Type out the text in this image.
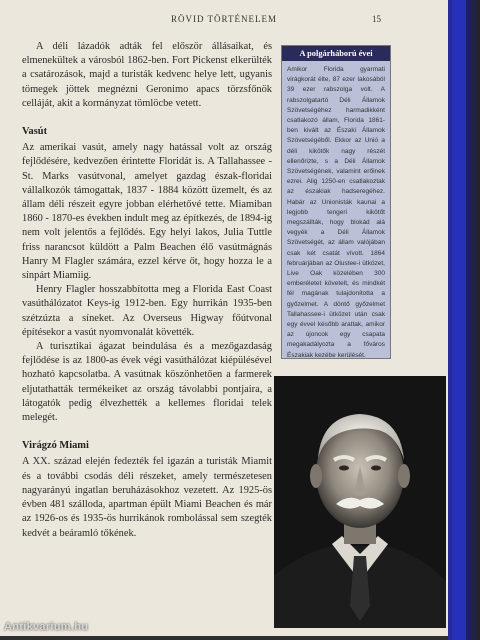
RÖVID TÖRTÉNELEM	15

A déli lázadók adták fel először állásaikat, és elmenekültek a városból 1862-ben. Fort Pickenst elkerülték a csatározások, majd a turisták kedvenc helye lett, ugyanis tömegek jöttek megnézni Geronimo apacs törzsfőnök celláját, akit a kormányzat tömlöcbe vetett.

Vasút

Az amerikai vasút, amely nagy hatással volt az ország fejlődésére, kedvezően érintette Floridát is. A Tallahassee - St. Marks vasútvonal, amelyet gazdag észak-floridai vállalkozók támogattak, 1837 - 1884 között üzemelt, és az állam déli részeit egyre jobban elérhetővé tette. Miamiban 1860 - 1870-es években indult meg az építkezés, de 1894-ig nem volt jelentős a fejlődés. Egy helyi lakos, Julia Tuttle friss narancsot küldött a Palm Beachen élő vasútmágnás Hanry M Flagler számára, ezzel kérve őt, hogy hozza le a sínpárt Miamiig.

Henry Flagler hosszabbította meg a Florida East Coast vasúthálózatot Keys-ig 1912-ben. Egy hurrikán 1935-ben szétzúzta a síneket. Az Overseus Higway főútvonal építésekor a vasút nyomvonalát követték.

A turisztikai ágazat beindulása és a mezőgazdaság fejlődése is az 1800-as évek végi vasúthálózat kiépülésével hozható kapcsolatba. A vasútnak köszönhetően a farmerek eljutathatták termékeiket az ország távolabbi pontjaira, a látogatók pedig élvezhették a kellemes floridai telek melegét.

Virágzó Miami

A XX. század elején fedezték fel igazán a turisták Miamit és a további csodás déli részeket, amely természetesen nagyarányú ingatlan beruházásokhoz vezetett. Az 1925-ös évben 481 szálloda, apartman épült Miami Beachen és már az 1926-os és 1935-ös hurrikánok rombolással sem szegték kedvét a beáramló tőkének.

A polgárháború évei
Amikor Florida gyarmati virágkorát élte, 87 ezer lakosából 39 ezer rabszolga volt. A rabszolgatartó Déli Államok Szövetségéhez harmadikként csatlakozó állam, Florida 1861-ben kivált az Északi Államok Szövetségéből. Ekkor az Unió a déli kikötők nagy részét ellenőrizte, s a Déli Államok Szövetségének, valamint erőinek ezrei. Alig 1250-en csatlakoztak az északiak hadseregéhez. Habár az Unionisták kaunai a legjobb tengeri kikötőt megszállták, hogy blokád alá vegyék a Déli Államok Szövetségét, az állam valójában csak két csatát vívott. 1864 februárjában az Olustee-i ütközet, Live Oak közelében 300 emberéletet követelt, és mindkét fél magának tulajdonította a győzelmet. A döntő győzelmet Tallahassee-i ütközet után csak egy évvel később arattak, amikor az újoncok egy csapata megakadályozta a főváros Északiak kezébe kerülését.
Antikvarium.hu
